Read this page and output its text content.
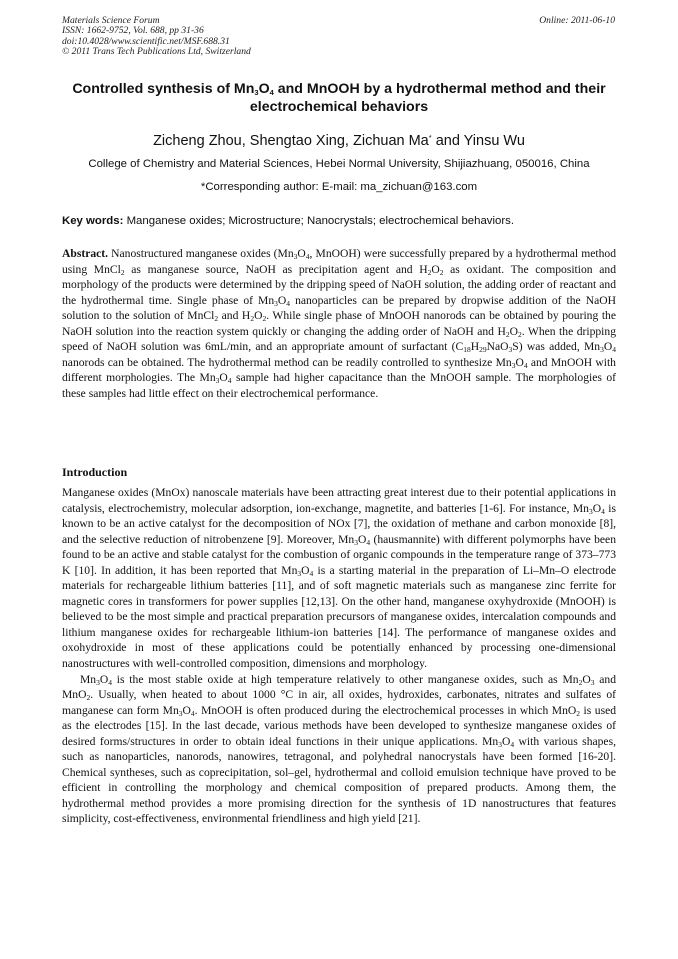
Materials Science Forum
ISSN: 1662-9752, Vol. 688, pp 31-36
doi:10.4028/www.scientific.net/MSF.688.31
© 2011 Trans Tech Publications Ltd, Switzerland
Online: 2011-06-10
Controlled synthesis of $Mn_3O_4$ and MnOOH by a hydrothermal method and their electrochemical behaviors
Zicheng Zhou, Shengtao Xing, Zichuan Ma* and Yinsu Wu
College of Chemistry and Material Sciences, Hebei Normal University, Shijiazhuang, 050016, China
*Corresponding author: E-mail: ma_zichuan@163.com
Key words: Manganese oxides; Microstructure; Nanocrystals; electrochemical behaviors.
Abstract. Nanostructured manganese oxides ($Mn_3O_4$, MnOOH) were successfully prepared by a hydrothermal method using MnCl$_2$ as manganese source, NaOH as precipitation agent and $H_2O_2$ as oxidant. The composition and morphology of the products were determined by the dripping speed of NaOH solution, the adding order of reactant and the hydrothermal time. Single phase of $Mn_3O_4$ nanoparticles can be prepared by dropwise addition of the NaOH solution to the solution of MnCl$_2$ and $H_2O_2$. While single phase of MnOOH nanorods can be obtained by pouring the NaOH solution into the reaction system quickly or changing the adding order of NaOH and $H_2O_2$. When the dripping speed of NaOH solution was 6mL/min, and an appropriate amount of surfactant $(C_{18}H_{29}NaO_3S)$ was added, $Mn_3O_4$ nanorods can be obtained. The hydrothermal method can be readily controlled to synthesize $Mn_3O_4$ and MnOOH with different morphologies. The $Mn_3O_4$ sample had higher capacitance than the MnOOH sample. The morphologies of these samples had little effect on their electrochemical performance.
Introduction

Manganese oxides (MnOx) nanoscale materials have been attracting great interest due to their potential applications in catalysis, electrochemistry, molecular adsorption, ion-exchange, magnetite, and batteries [1-6]. For instance, $Mn_3O_4$ is known to be an active catalyst for the decomposition of NOx [7], the oxidation of methane and carbon monoxide [8], and the selective reduction of nitrobenzene [9]. Moreover, $Mn_3O_4$ (hausmannite) with different polymorphs have been found to be an active and stable catalyst for the combustion of organic compounds in the temperature range of 373–773 K [10]. In addition, it has been reported that $Mn_3O_4$ is a starting material in the preparation of Li–Mn–O electrode materials for rechargeable lithium batteries [11], and of soft magnetic materials such as manganese zinc ferrite for magnetic cores in transformers for power supplies [12,13]. On the other hand, manganese oxyhydroxide (MnOOH) is believed to be the most simple and practical preparation precursors of manganese oxides, intercalation compounds and lithium manganese oxides for rechargeable lithium-ion batteries [14]. The performance of manganese oxides and oxohydroxide in most of these applications could be potentially enhanced by processing one-dimensional nanostructures with well-controlled composition, dimensions and morphology.

$Mn_3O_4$ is the most stable oxide at high temperature relatively to other manganese oxides, such as $Mn_2O_3$ and MnO$_2$. Usually, when heated to about 1000 °C in air, all oxides, hydroxides, carbonates, nitrates and sulfates of manganese can form $Mn_3O_4$. MnOOH is often produced during the electrochemical processes in which MnO$_2$ is used as the electrodes [15]. In the last decade, various methods have been developed to synthesize manganese oxides of desired forms/structures in order to obtain ideal functions in their unique applications. $Mn_3O_4$ with various shapes, such as nanoparticles, nanorods, nanowires, tetragonal, and polyhedral nanocrystals have been formed [16-20]. Chemical syntheses, such as coprecipitation, sol–gel, hydrothermal and colloid emulsion technique have proved to be efficient in controlling the morphology and chemical composition of prepared products. Among them, the hydrothermal method provides a more promising direction for the synthesis of 1D nanostructures that features simplicity, cost-effectiveness, environmental friendliness and high yield [21].
